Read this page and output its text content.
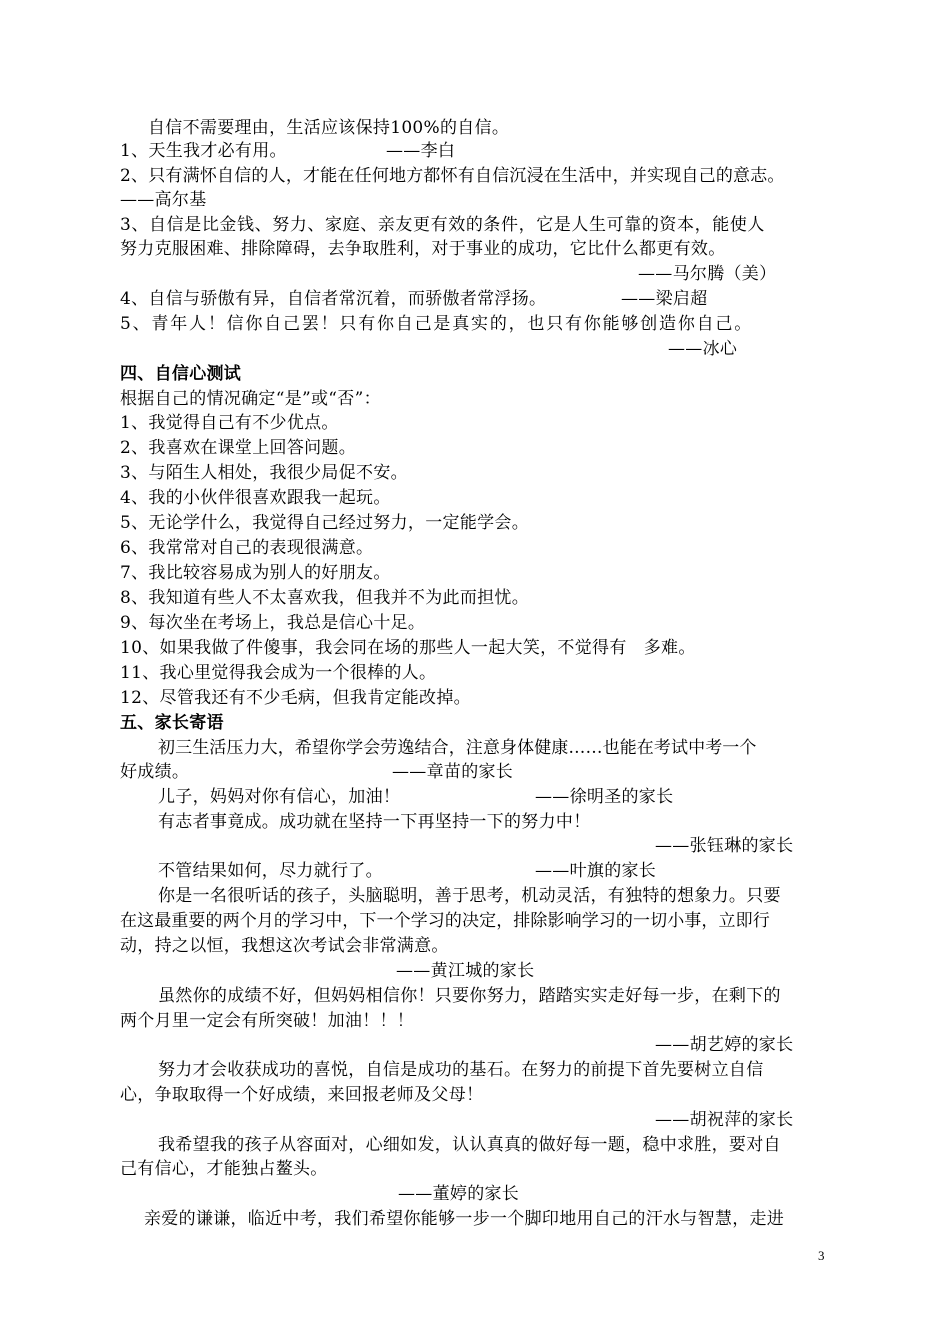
自信不需要理由，生活应该保持100%的自信。
1、天生我才必有用。	——李白
2、只有满怀自信的人，才能在任何地方都怀有自信沉浸在生活中，并实现自己的意志。
——高尔基
3、自信是比金钱、努力、家庭、亲友更有效的条件，它是人生可靠的资本，能使人
努力克服困难、排除障碍，去争取胜利，对于事业的成功，它比什么都更有效。
——马尔腾（美）
4、自信与骄傲有异，自信者常沉着，而骄傲者常浮扬。	——梁启超
5、青年人！信你自己罢！只有你自己是真实的，也只有你能够创造你自己。
——冰心
四、自信心测试
根据自己的情况确定“是”或“否”：
1、我觉得自己有不少优点。
2、我喜欢在课堂上回答问题。
3、与陌生人相处，我很少局促不安。
4、我的小伙伴很喜欢跟我一起玩。
5、无论学什么，我觉得自己经过努力，一定能学会。
6、我常常对自己的表现很满意。
7、我比较容易成为别人的好朋友。
8、我知道有些人不太喜欢我，但我并不为此而担忧。
9、每次坐在考场上，我总是信心十足。
10、如果我做了件傻事，我会同在场的那些人一起大笑，不觉得有   多难。
11、我心里觉得我会成为一个很棒的人。
12、尽管我还有不少毛病，但我肯定能改掉。
五、家长寄语
初三生活压力大，希望你学会劳逸结合，注意身体健康……也能在考试中考一个
好成绩。	——章苗的家长
儿子，妈妈对你有信心，加油！	——徐明圣的家长
有志者事竟成。成功就在坚持一下再坚持一下的努力中！
——张钰琳的家长
不管结果如何，尽力就行了。	——叶旗的家长
你是一名很听话的孩子，头脑聪明，善于思考，机动灵活，有独特的想象力。只要
在这最重要的两个月的学习中，下一个学习的决定，排除影响学习的一切小事，立即行
动，持之以恒，我想这次考试会非常满意。
——黄江城的家长
虽然你的成绩不好，但妈妈相信你！只要你努力，踏踏实实走好每一步，在剩下的
两个月里一定会有所突破！加油！！！
——胡艺婷的家长
努力才会收获成功的喜悦，自信是成功的基石。在努力的前提下首先要树立自信
心，争取取得一个好成绩，来回报老师及父母！
——胡祝萍的家长
我希望我的孩子从容面对，心细如发，认认真真的做好每一题，稳中求胜，要对自
己有信心，才能独占鳌头。
——董婷的家长
亲爱的谦谦，临近中考，我们希望你能够一步一个脚印地用自己的汗水与智慧，走进
3
